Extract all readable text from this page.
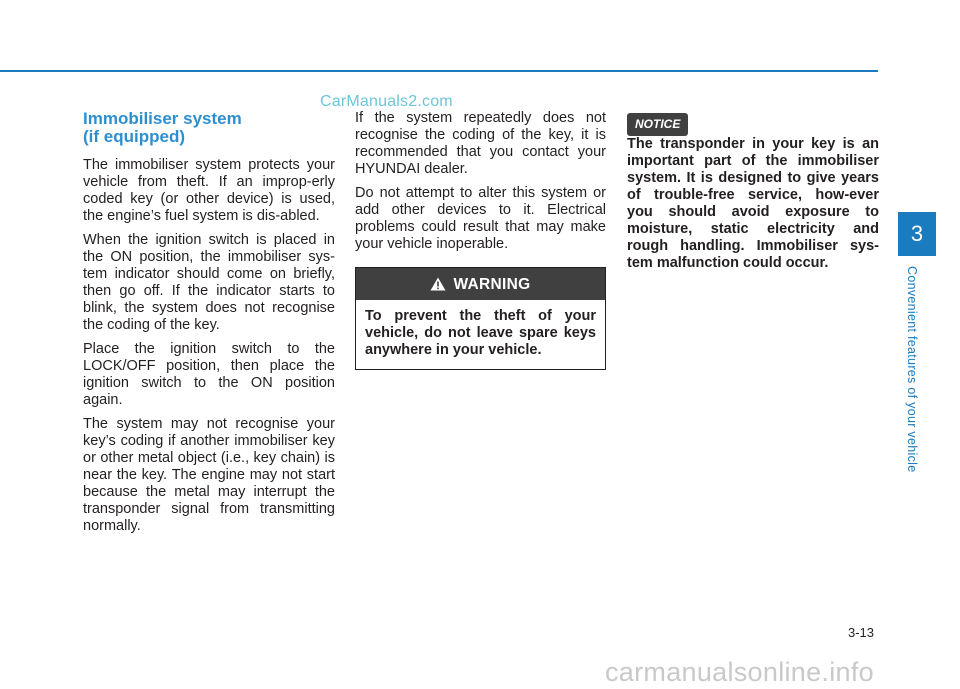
CarManuals2.com
Immobiliser system
(if equipped)

The immobiliser system protects your vehicle from theft. If an improp-erly coded key (or other device) is used, the engine’s fuel system is dis-abled.

When the ignition switch is placed in the ON position, the immobiliser sys-tem indicator should come on briefly, then go off. If the indicator starts to blink, the system does not recognise the coding of the key.

Place the ignition switch to the LOCK/OFF position, then place the ignition switch to the ON position again.

The system may not recognise your key’s coding if another immobiliser key or other metal object (i.e., key chain) is near the key. The engine may not start because the metal may interrupt the transponder signal from transmitting normally.

If the system repeatedly does not recognise the coding of the key, it is recommended that you contact your HYUNDAI dealer.

Do not attempt to alter this system or add other devices to it. Electrical problems could result that may make your vehicle inoperable.

WARNING
To prevent the theft of your vehicle, do not leave spare keys anywhere in your vehicle.
NOTICE

The transponder in your key is an important part of the immobiliser system. It is designed to give years of trouble-free service, how-ever you should avoid exposure to moisture, static electricity and rough handling. Immobiliser sys-tem malfunction could occur.

3
Convenient features of your vehicle
3-13
carmanualsonline.info
